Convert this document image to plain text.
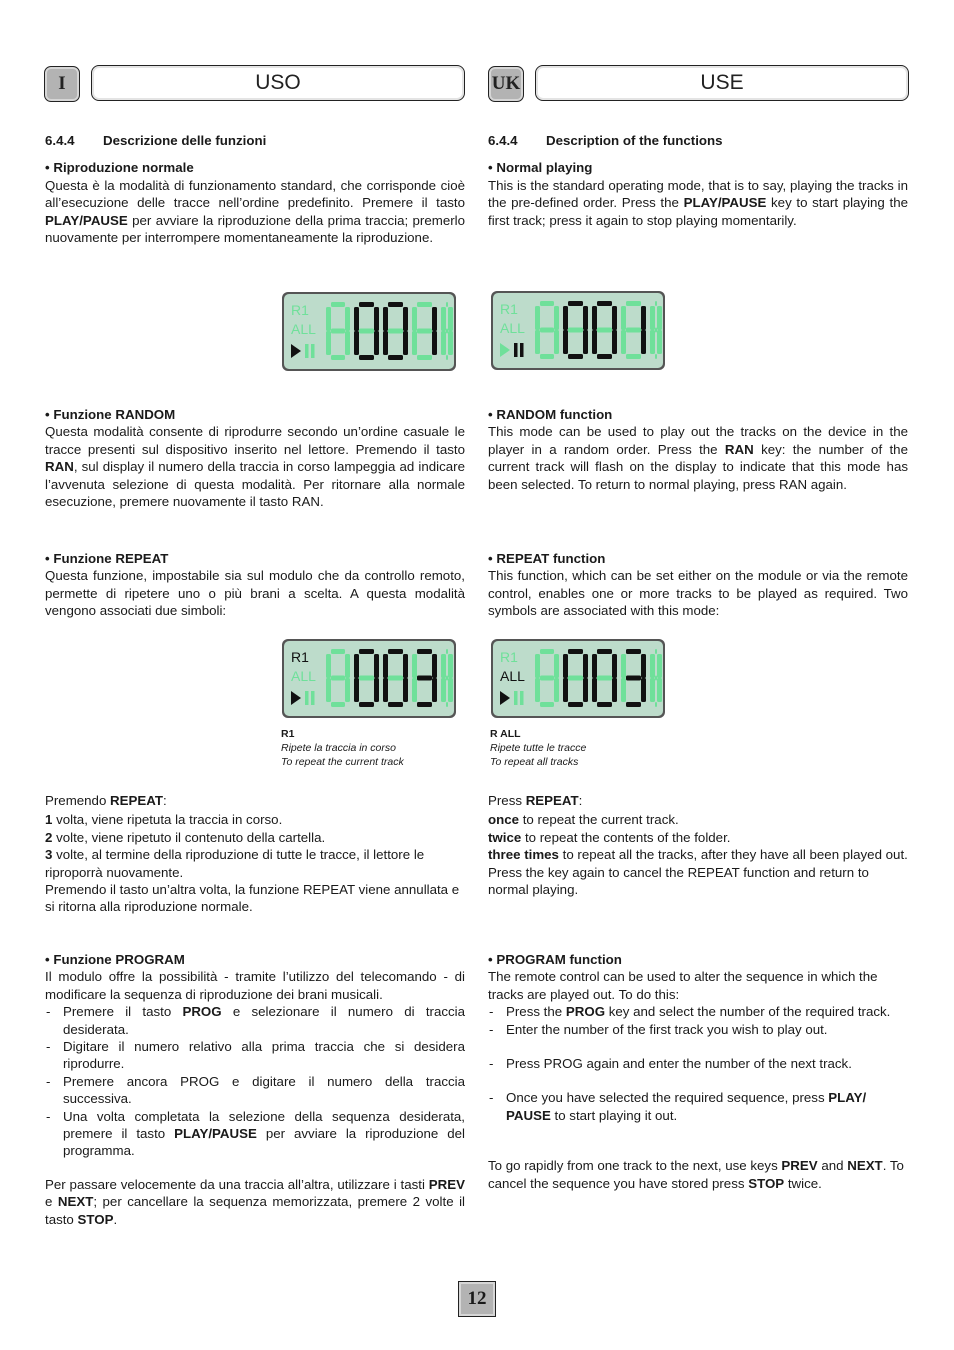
I	USO	UK	USE

6.4.4 Descrizione delle funzioni

• Riproduzione normale

Questa è la modalità di funzionamento standard, che corrisponde cioè all’esecuzione delle tracce nell’ordine predefinito. Premere il tasto PLAY/PAUSE per avviare la riproduzione della prima traccia; premerlo nuovamente per interrompere momentaneamente la riproduzione.

6.4.4 Description of the functions

• Normal playing

This is the standard operating mode, that is to say, playing the tracks in the pre-defined order. Press the PLAY/PAUSE key to start playing the first track; press it again to stop playing momentarily.

R1
ALL
R1
ALL

• Funzione RANDOM

Questa modalità consente di riprodurre secondo un’ordine casuale le tracce presenti sul dispositivo inserito nel lettore. Premendo il tasto RAN, sul display il numero della traccia in corso lampeggia ad indicare l’avvenuta selezione di questa modalità. Per ritornare alla normale esecuzione, premere nuovamente il tasto RAN.

• RANDOM function

This mode can be used to play out the tracks on the device in the player in a random order. Press the RAN key: the number of the current track will flash on the display to indicate that this mode has been selected. To return to normal playing, press RAN again.

• Funzione REPEAT

Questa funzione, impostabile sia sul modulo che da controllo remoto, permette di ripetere uno o più brani a scelta. A questa modalità vengono associati due simboli:

• REPEAT function

This function, which can be set either on the module or via the remote control, enables one or more tracks to be played as required. Two symbols are associated with this mode:

R1
ALL
R1
ALL
R1
Ripete la traccia in corso
To repeat the current track
R ALL
Ripete tutte le tracce
To repeat all tracks

Premendo REPEAT:

1 volta, viene ripetuta la traccia in corso.

2 volte, viene ripetuto il contenuto della cartella.

3 volte, al termine della riproduzione di tutte le tracce, il lettore le riproporrà nuovamente.

Premendo il tasto un’altra volta, la funzione REPEAT viene annullata e si ritorna alla riproduzione normale.

Press REPEAT:

once to repeat the current track.

twice to repeat the contents of the folder.

three times to repeat all the tracks, after they have all been played out.

Press the key again to cancel the REPEAT function and return to normal playing.

• Funzione PROGRAM

Il modulo offre la possibilità - tramite l’utilizzo del telecomando - di modificare la sequenza di riproduzione dei brani musicali.

- Premere il tasto PROG e selezionare il numero di traccia desiderata.

- Digitare il numero relativo alla prima traccia che si desidera riprodurre.

- Premere ancora PROG e digitare il numero della traccia successiva.

- Una volta completata la selezione della sequenza desiderata, premere il tasto PLAY/PAUSE per avviare la riproduzione del programma.

Per passare velocemente da una traccia all’altra, utilizzare i tasti PREV e NEXT; per cancellare la sequenza memorizzata, premere 2 volte il tasto STOP.

• PROGRAM function

The remote control can be used to alter the sequence in which the tracks are played out. To do this:

- Press the PROG key and select the number of the required track.

- Enter the number of the first track you wish to play out.

- Press PROG again and enter the number of the next track.

- Once you have selected the required sequence, press PLAY/ PAUSE to start playing it out.

To go rapidly from one track to the next, use keys PREV and NEXT. To cancel the sequence you have stored press STOP twice.

12
